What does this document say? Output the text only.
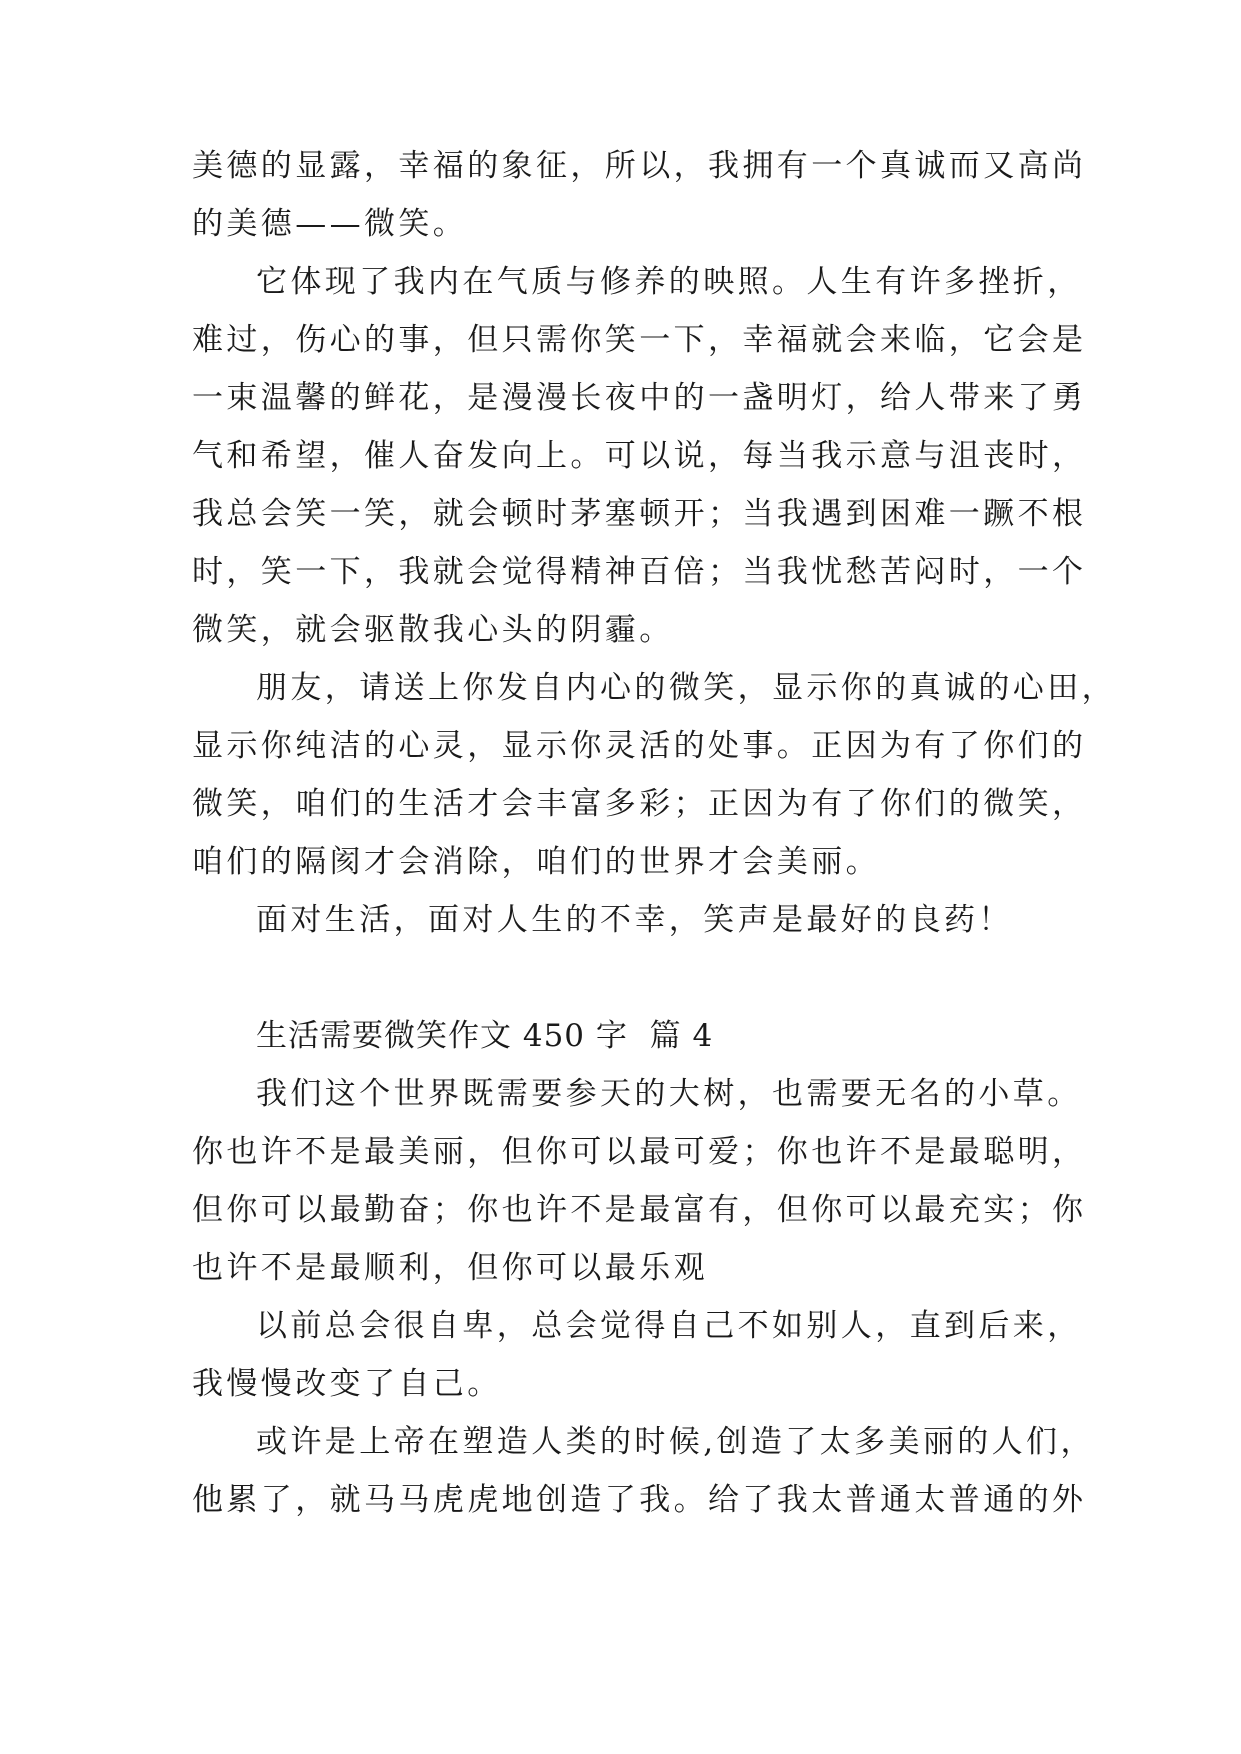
美德的显露，幸福的象征，所以，我拥有一个真诚而又高尚
的美德——微笑。
它体现了我内在气质与修养的映照。人生有许多挫折，
难过，伤心的事，但只需你笑一下，幸福就会来临，它会是
一束温馨的鲜花，是漫漫长夜中的一盏明灯，给人带来了勇
气和希望，催人奋发向上。可以说，每当我示意与沮丧时，
我总会笑一笑，就会顿时茅塞顿开；当我遇到困难一蹶不根
时，笑一下，我就会觉得精神百倍；当我忧愁苦闷时，一个
微笑，就会驱散我心头的阴霾。
朋友，请送上你发自内心的微笑，显示你的真诚的心田，
显示你纯洁的心灵，显示你灵活的处事。正因为有了你们的
微笑，咱们的生活才会丰富多彩；正因为有了你们的微笑，
咱们的隔阂才会消除，咱们的世界才会美丽。
面对生活，面对人生的不幸，笑声是最好的良药！
生活需要微笑作文 450 字  篇 4
我们这个世界既需要参天的大树，也需要无名的小草。
你也许不是最美丽，但你可以最可爱；你也许不是最聪明，
但你可以最勤奋；你也许不是最富有，但你可以最充实；你
也许不是最顺利，但你可以最乐观
以前总会很自卑，总会觉得自己不如别人，直到后来，
我慢慢改变了自己。
或许是上帝在塑造人类的时候,创造了太多美丽的人们，
他累了，就马马虎虎地创造了我。给了我太普通太普通的外
